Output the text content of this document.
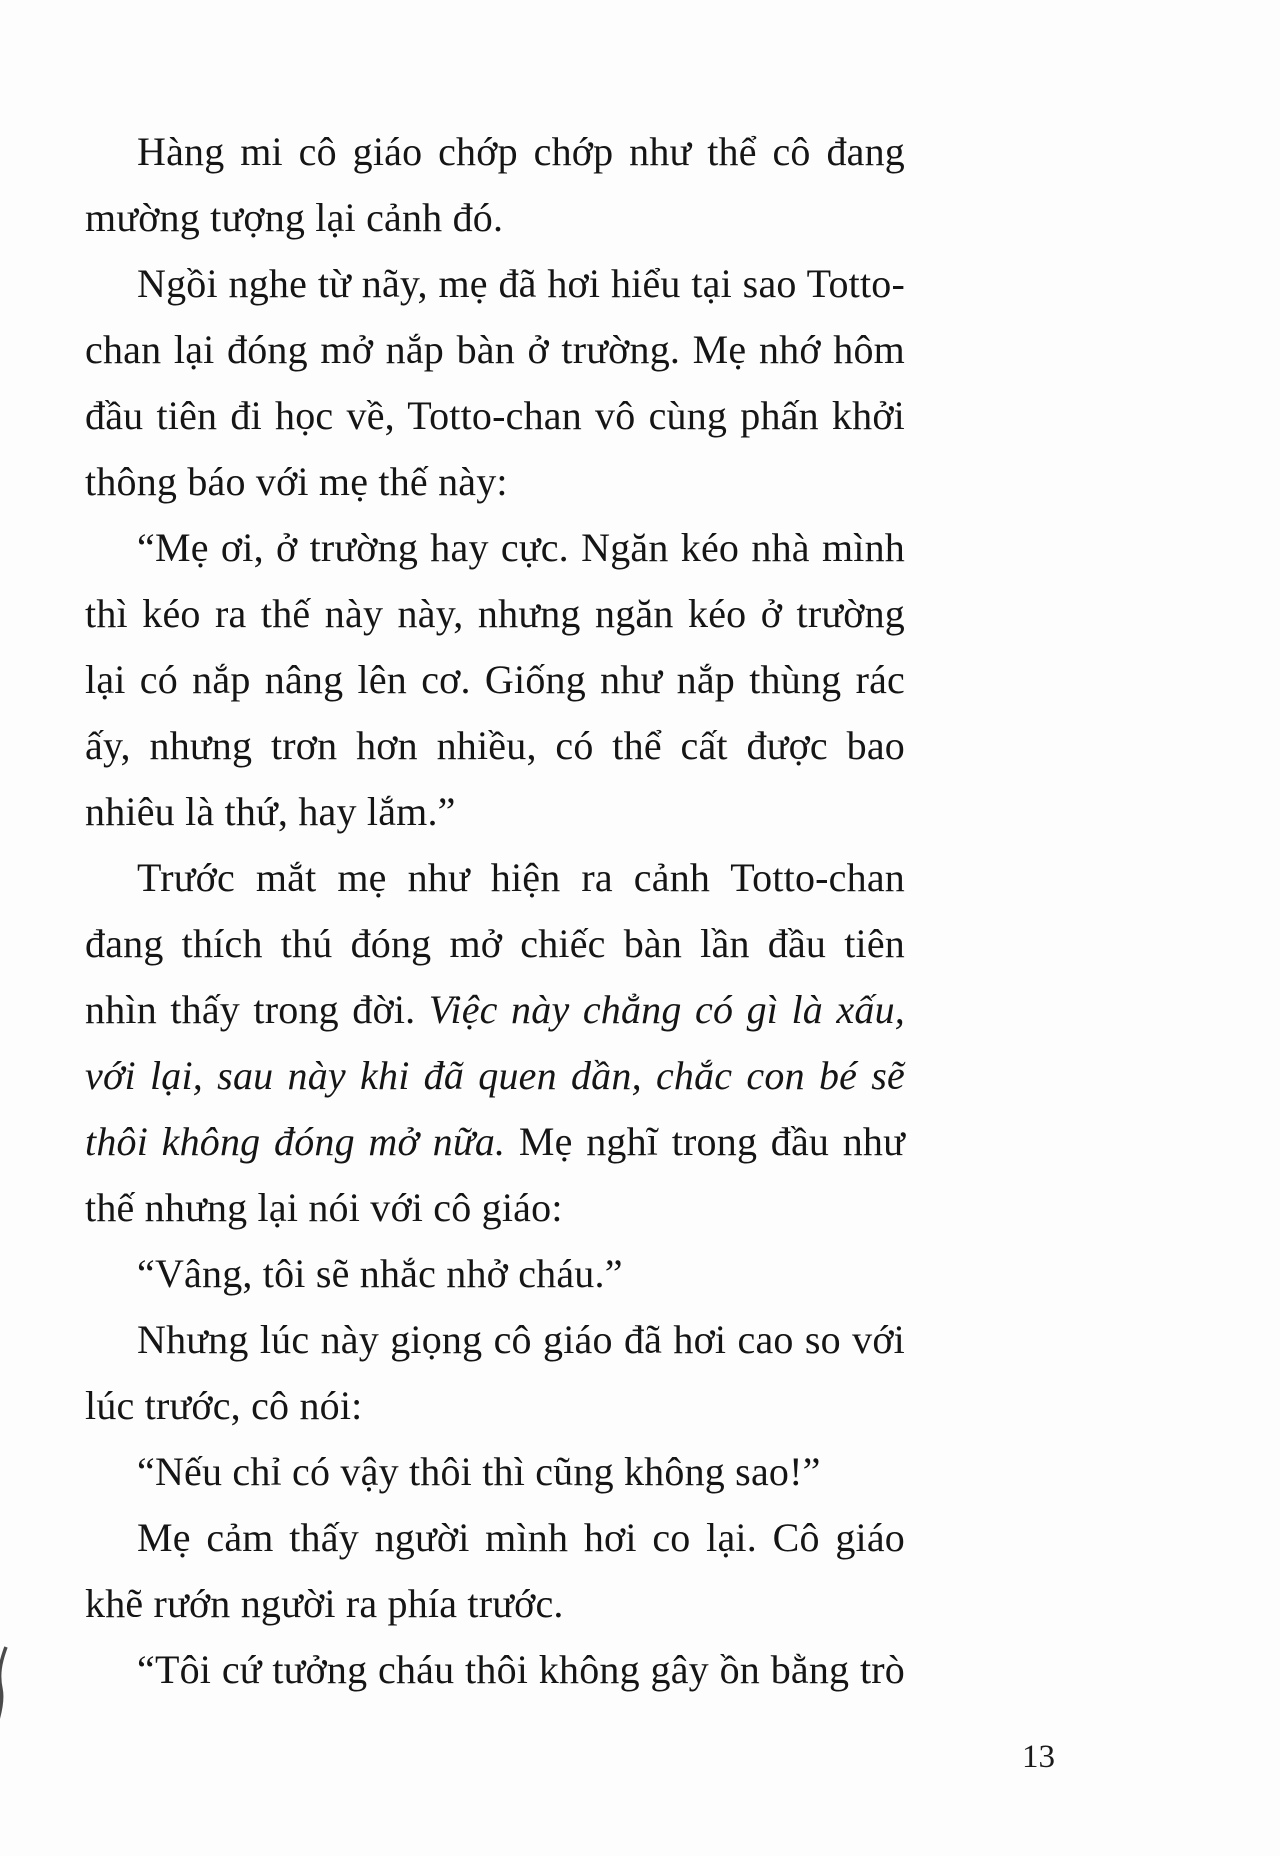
Hàng mi cô giáo chớp chớp như thể cô đang
mường tượng lại cảnh đó.
Ngồi nghe từ nãy, mẹ đã hơi hiểu tại sao Totto-
chan lại đóng mở nắp bàn ở trường. Mẹ nhớ hôm
đầu tiên đi học về, Totto-chan vô cùng phấn khởi
thông báo với mẹ thế này:
“Mẹ ơi, ở trường hay cực. Ngăn kéo nhà mình
thì kéo ra thế này này, nhưng ngăn kéo ở trường
lại có nắp nâng lên cơ. Giống như nắp thùng rác
ấy, nhưng trơn hơn nhiều, có thể cất được bao
nhiêu là thứ, hay lắm.”
Trước mắt mẹ như hiện ra cảnh Totto-chan
đang thích thú đóng mở chiếc bàn lần đầu tiên
nhìn thấy trong đời. Việc này chẳng có gì là xấu,
với lại, sau này khi đã quen dần, chắc con bé sẽ
thôi không đóng mở nữa. Mẹ nghĩ trong đầu như
thế nhưng lại nói với cô giáo:
“Vâng, tôi sẽ nhắc nhở cháu.”
Nhưng lúc này giọng cô giáo đã hơi cao so với
lúc trước, cô nói:
“Nếu chỉ có vậy thôi thì cũng không sao!”
Mẹ cảm thấy người mình hơi co lại. Cô giáo
khẽ rướn người ra phía trước.
“Tôi cứ tưởng cháu thôi không gây ồn bằng trò
13
